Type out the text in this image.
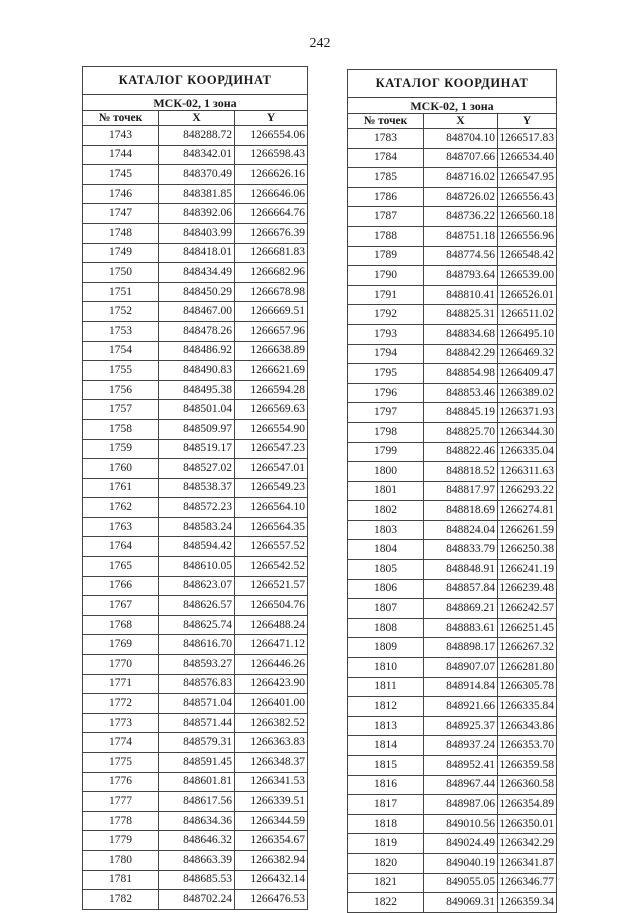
242
КАТАЛОГ КООРДИНАТ		
МСК-02, 1 зона		
№ точек	X	Y
1743	848288.72	1266554.06
1744	848342.01	1266598.43
1745	848370.49	1266626.16
1746	848381.85	1266646.06
1747	848392.06	1266664.76
1748	848403.99	1266676.39
1749	848418.01	1266681.83
1750	848434.49	1266682.96
1751	848450.29	1266678.98
1752	848467.00	1266669.51
1753	848478.26	1266657.96
1754	848486.92	1266638.89
1755	848490.83	1266621.69
1756	848495.38	1266594.28
1757	848501.04	1266569.63
1758	848509.97	1266554.90
1759	848519.17	1266547.23
1760	848527.02	1266547.01
1761	848538.37	1266549.23
1762	848572.23	1266564.10
1763	848583.24	1266564.35
1764	848594.42	1266557.52
1765	848610.05	1266542.52
1766	848623.07	1266521.57
1767	848626.57	1266504.76
1768	848625.74	1266488.24
1769	848616.70	1266471.12
1770	848593.27	1266446.26
1771	848576.83	1266423.90
1772	848571.04	1266401.00
1773	848571.44	1266382.52
1774	848579.31	1266363.83
1775	848591.45	1266348.37
1776	848601.81	1266341.53
1777	848617.56	1266339.51
1778	848634.36	1266344.59
1779	848646.32	1266354.67
1780	848663.39	1266382.94
1781	848685.53	1266432.14
1782	848702.24	1266476.53
КАТАЛОГ КООРДИНАТ		
МСК-02, 1 зона		
№ точек	X	Y
1783	848704.10	1266517.83
1784	848707.66	1266534.40
1785	848716.02	1266547.95
1786	848726.02	1266556.43
1787	848736.22	1266560.18
1788	848751.18	1266556.96
1789	848774.56	1266548.42
1790	848793.64	1266539.00
1791	848810.41	1266526.01
1792	848825.31	1266511.02
1793	848834.68	1266495.10
1794	848842.29	1266469.32
1795	848854.98	1266409.47
1796	848853.46	1266389.02
1797	848845.19	1266371.93
1798	848825.70	1266344.30
1799	848822.46	1266335.04
1800	848818.52	1266311.63
1801	848817.97	1266293.22
1802	848818.69	1266274.81
1803	848824.04	1266261.59
1804	848833.79	1266250.38
1805	848848.91	1266241.19
1806	848857.84	1266239.48
1807	848869.21	1266242.57
1808	848883.61	1266251.45
1809	848898.17	1266267.32
1810	848907.07	1266281.80
1811	848914.84	1266305.78
1812	848921.66	1266335.84
1813	848925.37	1266343.86
1814	848937.24	1266353.70
1815	848952.41	1266359.58
1816	848967.44	1266360.58
1817	848987.06	1266354.89
1818	849010.56	1266350.01
1819	849024.49	1266342.29
1820	849040.19	1266341.87
1821	849055.05	1266346.77
1822	849069.31	1266359.34
